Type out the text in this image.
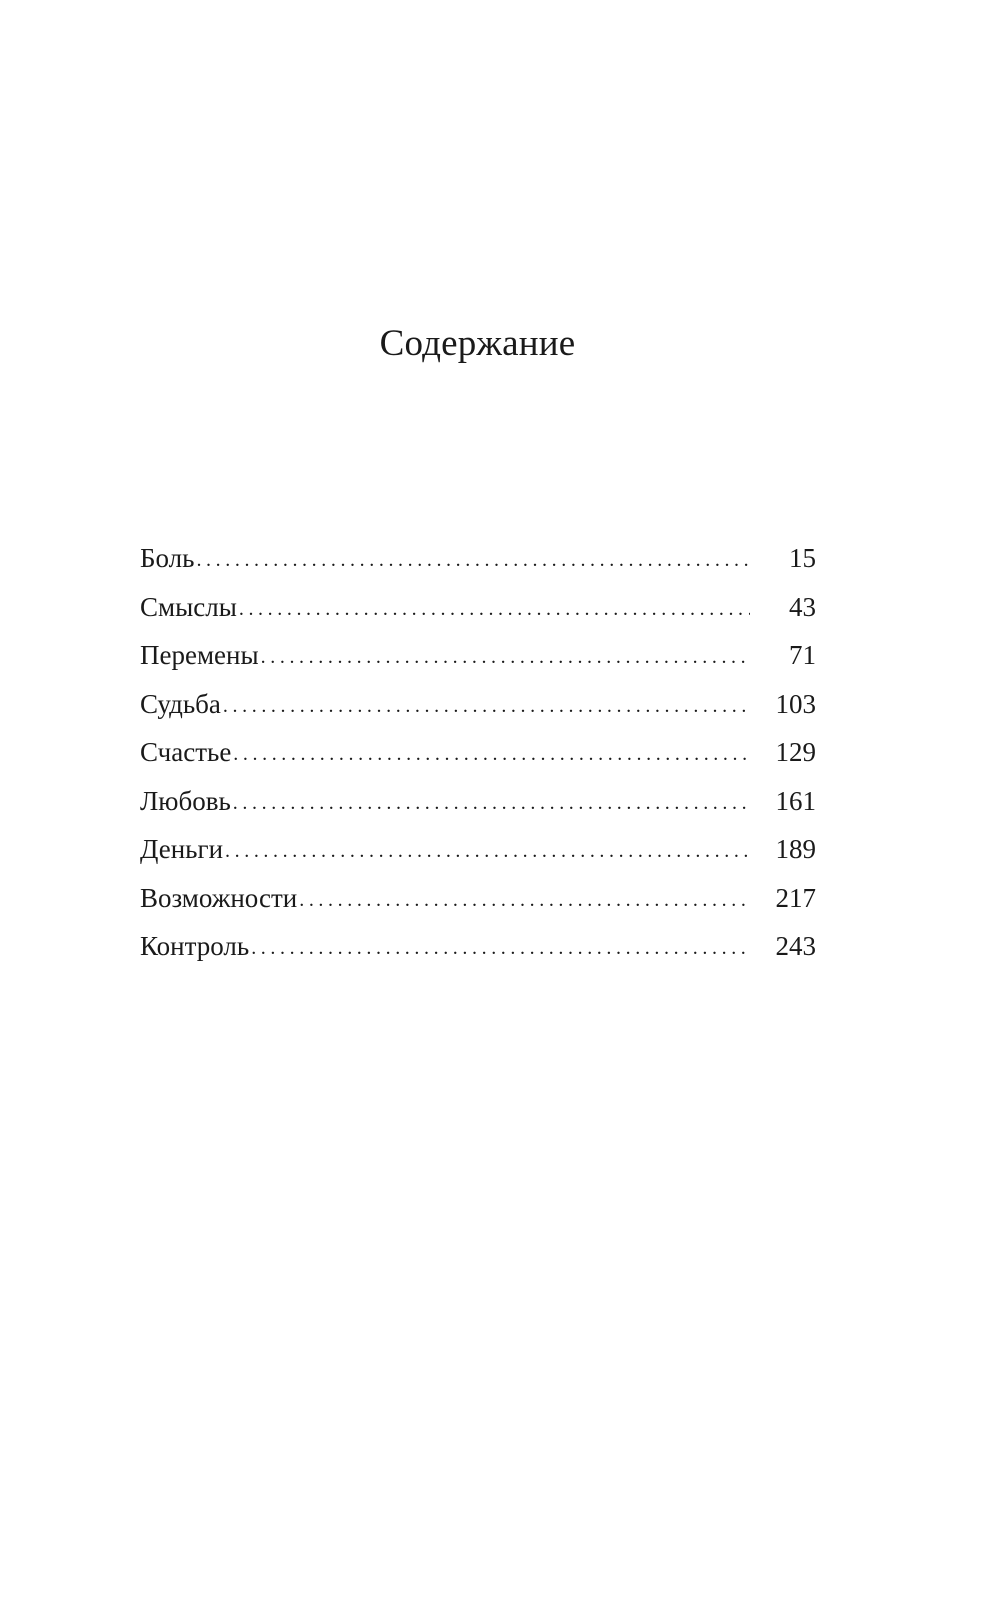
Содержание
Боль . . .	15
Смыслы . . .	43
Перемены . . .	71
Судьба . . .	103
Счастье . . .	129
Любовь . . .	161
Деньги . . .	189
Возможности . . .	217
Контроль . . .	243
